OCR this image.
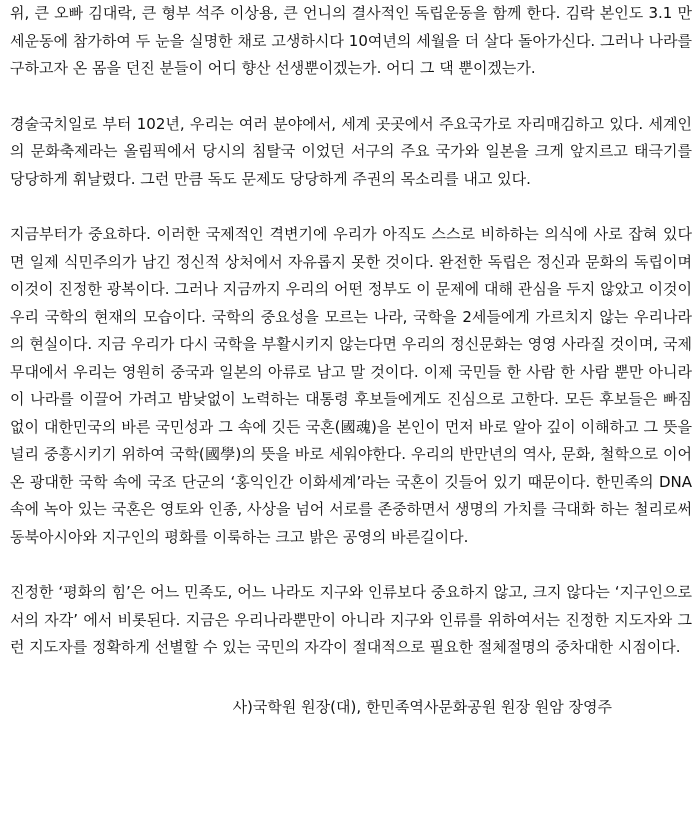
위, 큰 오빠 김대락, 큰 형부 석주 이상용, 큰 언니의 결사적인 독립운동을 함께 한다. 김락 본인도 3.1 만세운동에 참가하여 두 눈을 실명한 채로 고생하시다 10여년의 세월을 더 살다 돌아가신다. 그러나 나라를 구하고자 온 몸을 던진 분들이 어디 향산 선생뿐이겠는가. 어디 그 댁 뿐이겠는가.

경술국치일로 부터 102년, 우리는 여러 분야에서, 세계 곳곳에서 주요국가로 자리매김하고 있다. 세계인의 문화축제라는 올림픽에서 당시의 침탈국 이었던 서구의 주요 국가와 일본을 크게 앞지르고 태극기를 당당하게 휘날렸다. 그런 만큼 독도 문제도 당당하게 주권의 목소리를 내고 있다.

지금부터가 중요하다. 이러한 국제적인 격변기에 우리가 아직도 스스로 비하하는 의식에 사로 잡혀 있다면 일제 식민주의가 남긴 정신적 상처에서 자유롭지 못한 것이다. 완전한 독립은 정신과 문화의 독립이며 이것이 진정한 광복이다. 그러나 지금까지 우리의 어떤 정부도 이 문제에 대해 관심을 두지 않았고 이것이 우리 국학의 현재의 모습이다. 국학의 중요성을 모르는 나라, 국학을 2세들에게 가르치지 않는 우리나라의 현실이다. 지금 우리가 다시 국학을 부활시키지 않는다면 우리의 정신문화는 영영 사라질 것이며, 국제무대에서 우리는 영원히 중국과 일본의 아류로 남고 말 것이다. 이제 국민들 한 사람 한 사람 뿐만 아니라 이 나라를 이끌어 가려고 밤낮없이 노력하는 대통령 후보들에게도 진심으로 고한다. 모든 후보들은 빠짐없이 대한민국의 바른 국민성과 그 속에 깃든 국혼(國魂)을 본인이 먼저 바로 알아 깊이 이해하고 그 뜻을 널리 중흥시키기 위하여 국학(國學)의 뜻을 바로 세워야한다. 우리의 반만년의 역사, 문화, 철학으로 이어온 광대한 국학 속에 국조 단군의 ‘홍익인간 이화세계’라는 국혼이 깃들어 있기 때문이다. 한민족의 DNA속에 녹아 있는 국혼은 영토와 인종, 사상을 넘어 서로를 존중하면서 생명의 가치를 극대화 하는 철리로써 동북아시아와 지구인의 평화를 이룩하는 크고 밝은 공영의 바른길이다.

진정한 ‘평화의 힘’은 어느 민족도, 어느 나라도 지구와 인류보다 중요하지 않고, 크지 않다는 ‘지구인으로서의 자각’ 에서 비롯된다. 지금은 우리나라뿐만이 아니라 지구와 인류를 위하여서는 진정한 지도자와 그런 지도자를 정확하게 선별할 수 있는 국민의 자각이 절대적으로 필요한 절체절명의 중차대한 시점이다.

사)국학원 원장(대), 한민족역사문화공원 원장 원암 장영주
